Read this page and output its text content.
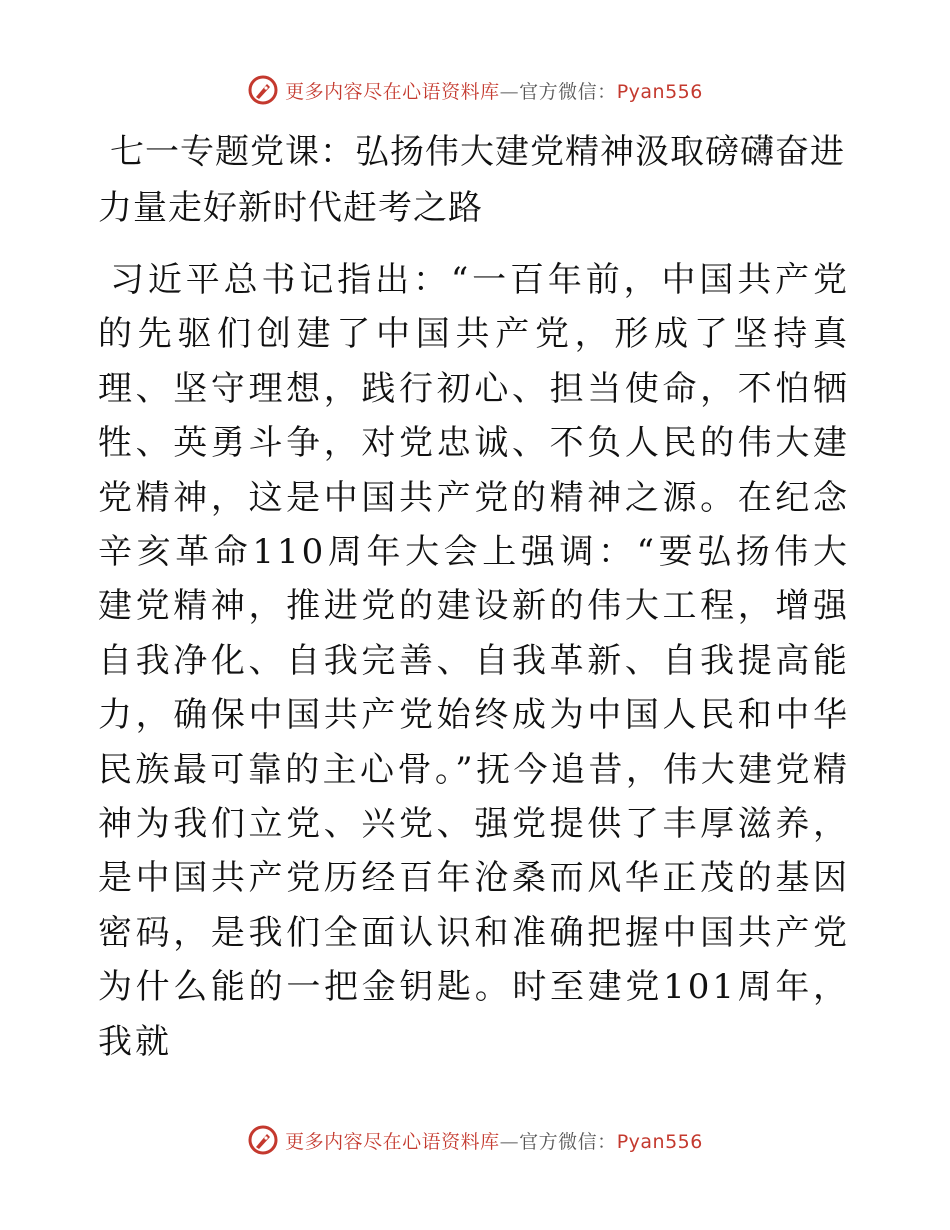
更多内容尽在心语资料库—官方微信：Pyan556
七一专题党课：弘扬伟大建党精神汲取磅礴奋进力量走好新时代赶考之路

习近平总书记指出：“一百年前，中国共产党的先驱们创建了中国共产党，形成了坚持真理、坚守理想，践行初心、担当使命，不怕牺牲、英勇斗争，对党忠诚、不负人民的伟大建党精神，这是中国共产党的精神之源。在纪念辛亥革命110周年大会上强调：“要弘扬伟大建党精神，推进党的建设新的伟大工程，增强自我净化、自我完善、自我革新、自我提高能力，确保中国共产党始终成为中国人民和中华民族最可靠的主心骨。”抚今追昔，伟大建党精神为我们立党、兴党、强党提供了丰厚滋养，是中国共产党历经百年沧桑而风华正茂的基因密码，是我们全面认识和准确把握中国共产党为什么能的一把金钥匙。时至建党101周年，我就

更多内容尽在心语资料库—官方微信：Pyan556
